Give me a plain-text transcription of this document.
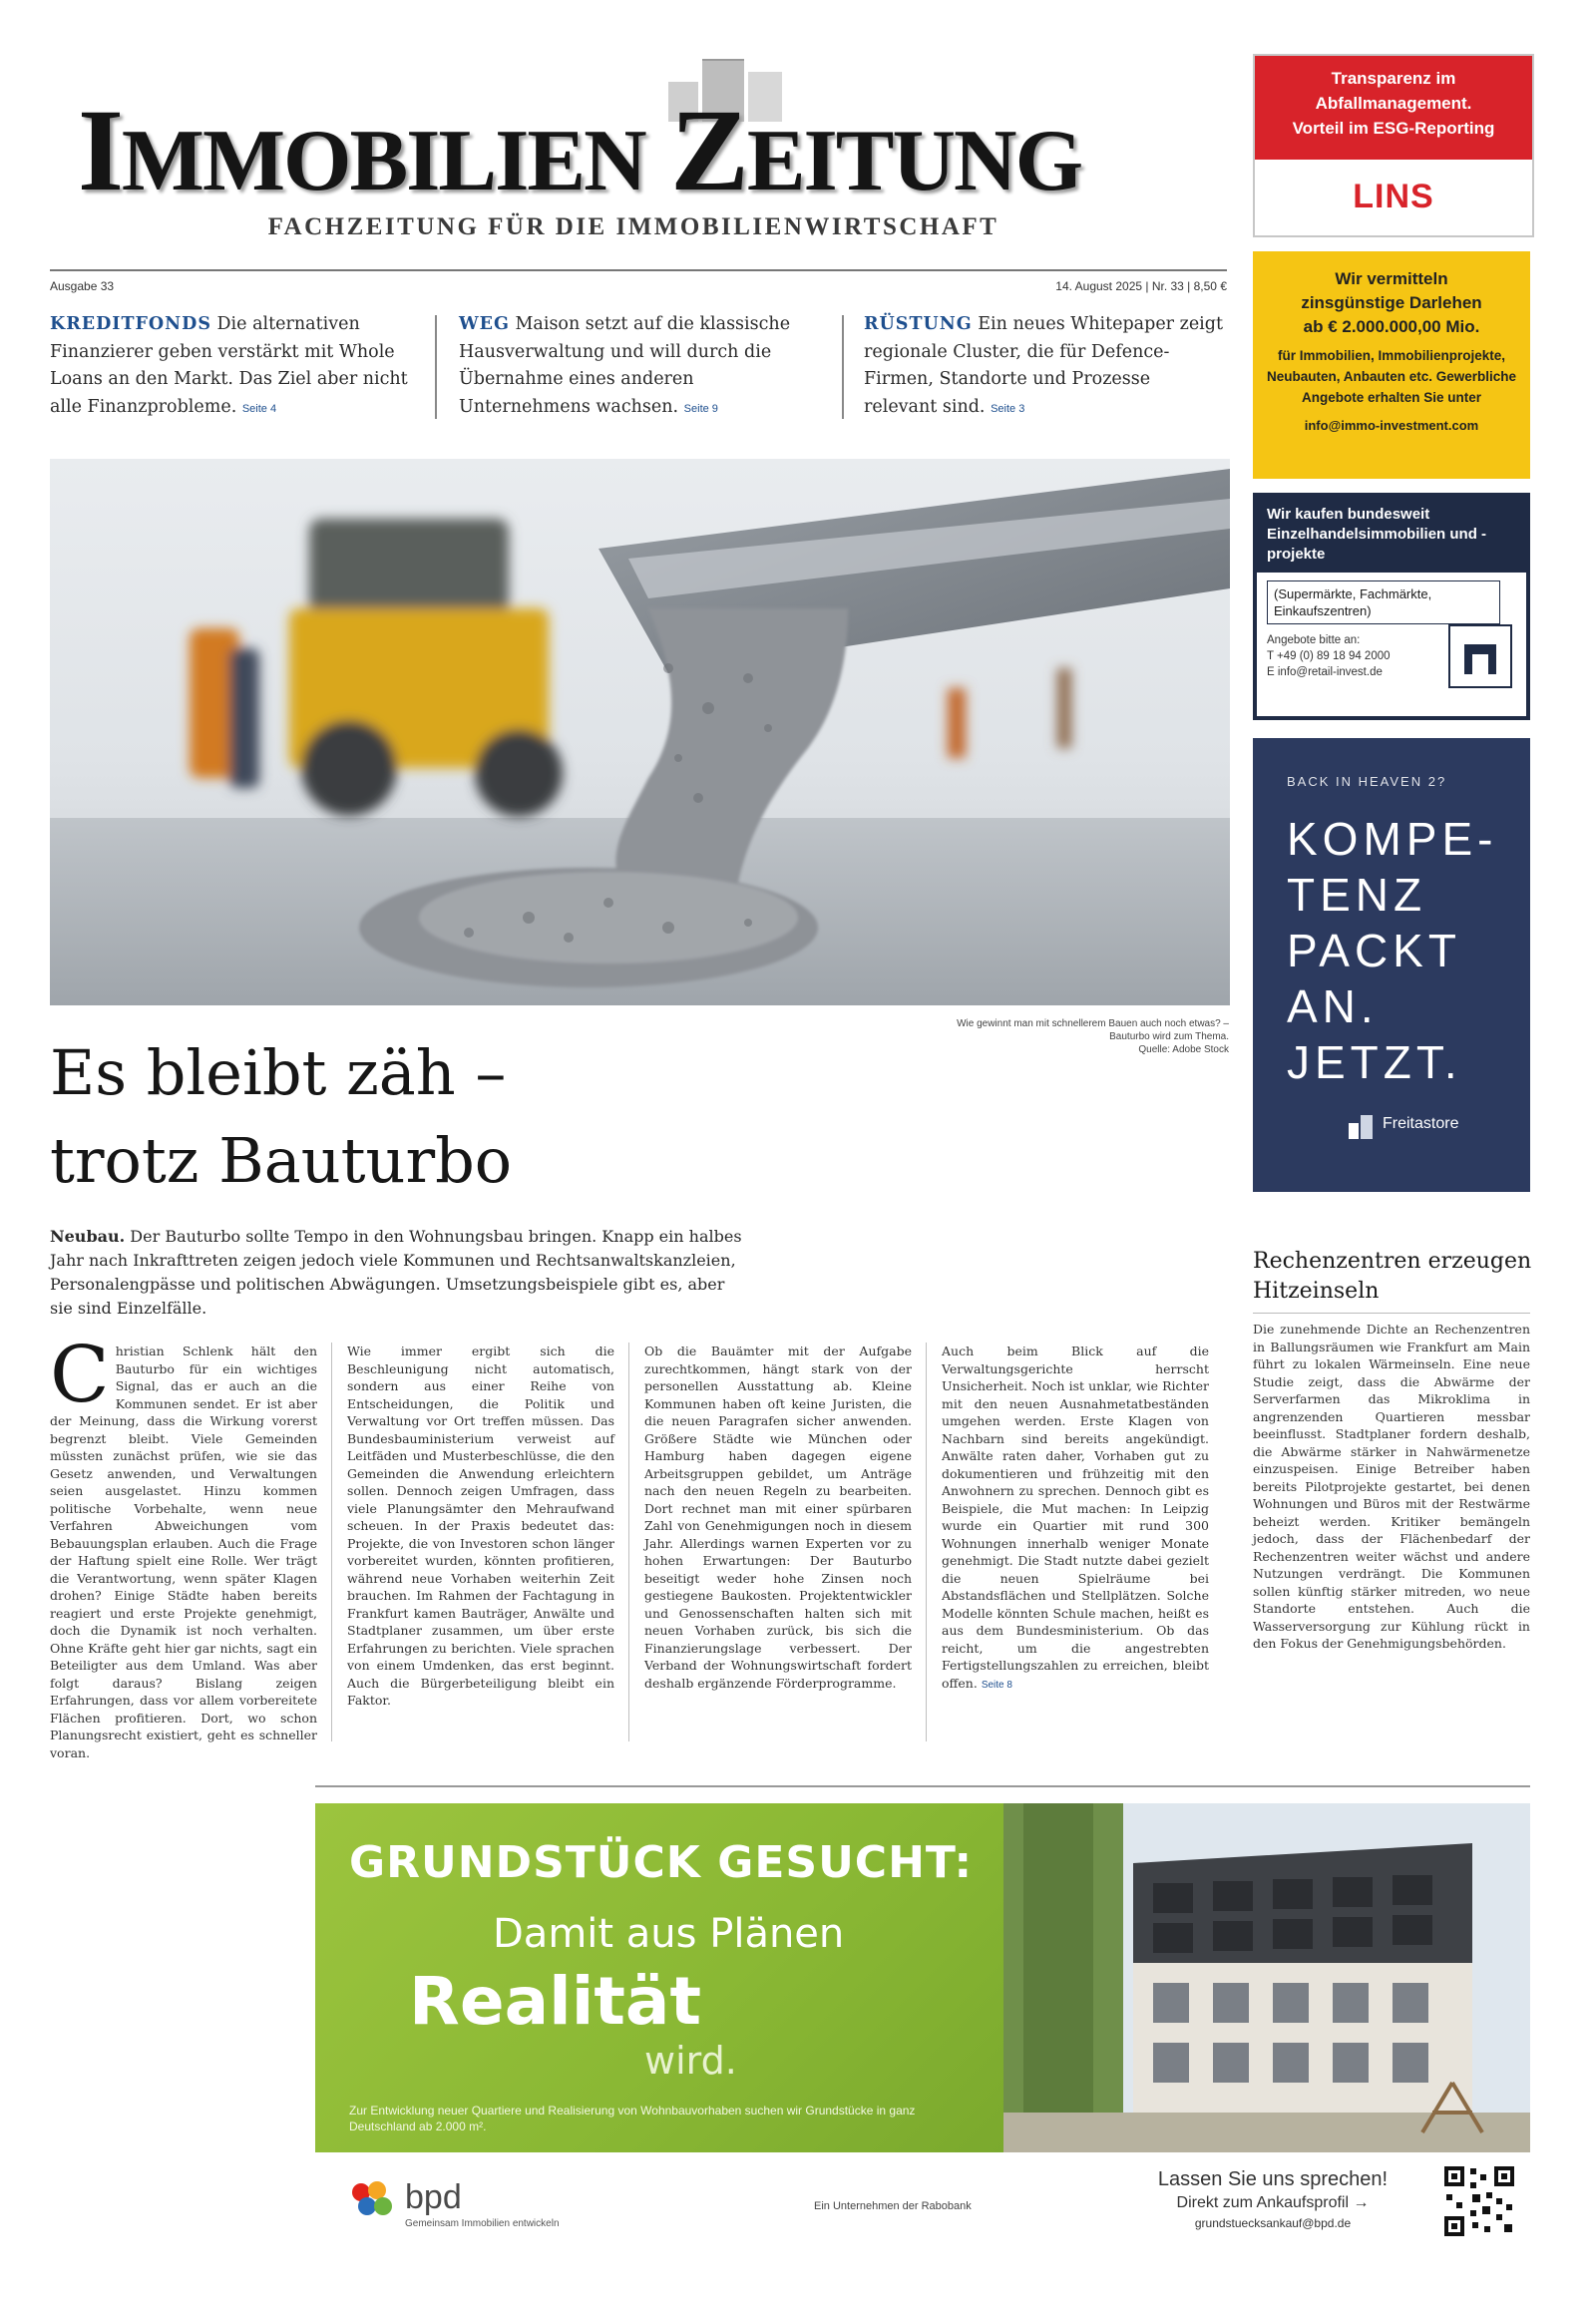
IMMOBILIEN ZEITUNG
FACHZEITUNG FÜR DIE IMMOBILIENWIRTSCHAFT
Ausgabe 33	14. August 2025 | Nr. 33 | 8,50 €
KREDITFONDS Die alternativen Finanzierer geben verstärkt mit Whole Loans an den Markt. Das Ziel aber nicht alle Finanzprobleme. Seite 4
WEG Maison setzt auf die klassische Hausverwaltung und will durch die Übernahme eines anderen Unternehmens wachsen. Seite 9
RÜSTUNG Ein neues Whitepaper zeigt regionale Cluster, die für Defence-Firmen, Standorte und Prozesse relevant sind. Seite 3
Wie gewinnt man mit schnellerem Bauen auch noch etwas? –
Bauturbo wird zum Thema.
Quelle: Adobe Stock
Es bleibt zäh –
trotz Bauturbo
Neubau. Der Bauturbo sollte Tempo in den Wohnungsbau bringen. Knapp ein halbes Jahr nach Inkrafttreten zeigen jedoch viele Kommunen und Rechtsanwaltskanzleien, Personalengpässe und politischen Abwägungen. Umsetzungsbeispiele gibt es, aber sie sind Einzelfälle.
Christian Schlenk hält den Bauturbo für ein wichtiges Signal, das er auch an die Kommunen sendet. Er ist aber der Meinung, dass die Wirkung vorerst begrenzt bleibt. Viele Gemeinden müssten zunächst prüfen, wie sie das Gesetz anwenden, und Verwaltungen seien ausgelastet. Hinzu kommen politische Vorbehalte, wenn neue Verfahren Abweichungen vom Bebauungsplan erlauben. Auch die Frage der Haftung spielt eine Rolle. Wer trägt die Verantwortung, wenn später Klagen drohen? Einige Städte haben bereits reagiert und erste Projekte genehmigt, doch die Dynamik ist noch verhalten. Ohne Kräfte geht hier gar nichts, sagt ein Beteiligter aus dem Umland. Was aber folgt daraus? Bislang zeigen Erfahrungen, dass vor allem vorbereitete Flächen profitieren. Dort, wo schon Planungsrecht existiert, geht es schneller voran.
Wie immer ergibt sich die Beschleunigung nicht automatisch, sondern aus einer Reihe von Entscheidungen, die Politik und Verwaltung vor Ort treffen müssen. Das Bundesbauministerium verweist auf Leitfäden und Musterbeschlüsse, die den Gemeinden die Anwendung erleichtern sollen. Dennoch zeigen Umfragen, dass viele Planungsämter den Mehraufwand scheuen. In der Praxis bedeutet das: Projekte, die von Investoren schon länger vorbereitet wurden, könnten profitieren, während neue Vorhaben weiterhin Zeit brauchen. Im Rahmen der Fachtagung in Frankfurt kamen Bauträger, Anwälte und Stadtplaner zusammen, um über erste Erfahrungen zu berichten. Viele sprachen von einem Umdenken, das erst beginnt. Auch die Bürgerbeteiligung bleibt ein Faktor.
Ob die Bauämter mit der Aufgabe zurechtkommen, hängt stark von der personellen Ausstattung ab. Kleine Kommunen haben oft keine Juristen, die die neuen Paragrafen sicher anwenden. Größere Städte wie München oder Hamburg haben dagegen eigene Arbeitsgruppen gebildet, um Anträge nach den neuen Regeln zu bearbeiten. Dort rechnet man mit einer spürbaren Zahl von Genehmigungen noch in diesem Jahr. Allerdings warnen Experten vor zu hohen Erwartungen: Der Bauturbo beseitigt weder hohe Zinsen noch gestiegene Baukosten. Projektentwickler und Genossenschaften halten sich mit neuen Vorhaben zurück, bis sich die Finanzierungslage verbessert. Der Verband der Wohnungswirtschaft fordert deshalb ergänzende Förderprogramme.
Auch beim Blick auf die Verwaltungsgerichte herrscht Unsicherheit. Noch ist unklar, wie Richter mit den neuen Ausnahmetatbeständen umgehen werden. Erste Klagen von Nachbarn sind bereits angekündigt. Anwälte raten daher, Vorhaben gut zu dokumentieren und frühzeitig mit den Anwohnern zu sprechen. Dennoch gibt es Beispiele, die Mut machen: In Leipzig wurde ein Quartier mit rund 300 Wohnungen innerhalb weniger Monate genehmigt. Die Stadt nutzte dabei gezielt die neuen Spielräume bei Abstandsflächen und Stellplätzen. Solche Modelle könnten Schule machen, heißt es aus dem Bundesministerium. Ob das reicht, um die angestrebten Fertigstellungszahlen zu erreichen, bleibt offen. Seite 8
Transparenz im
Abfallmanagement.
Vorteil im ESG-Reporting
LINS
Wir vermitteln
zinsgünstige Darlehen
ab € 2.000.000,00 Mio.
für Immobilien, Immobilienprojekte, Neubauten, Anbauten etc. Gewerbliche Angebote erhalten Sie unter
info@immo-investment.com
Wir kaufen bundesweit Einzelhandelsimmobilien und -projekte
(Supermärkte, Fachmärkte, Einkaufszentren)
Angebote bitte an:
T +49 (0) 89 18 94 2000
E info@retail-invest.de
BACK IN HEAVEN 2?
KOMPE-
TENZ
PACKT
AN.
JETZT.
Freitastore
Rechenzentren erzeugen Hitzeinseln
Die zunehmende Dichte an Rechenzentren in Ballungsräumen wie Frankfurt am Main führt zu lokalen Wärmeinseln. Eine neue Studie zeigt, dass die Abwärme der Serverfarmen das Mikroklima in angrenzenden Quartieren messbar beeinflusst. Stadtplaner fordern deshalb, die Abwärme stärker in Nahwärmenetze einzuspeisen. Einige Betreiber haben bereits Pilotprojekte gestartet, bei denen Wohnungen und Büros mit der Restwärme beheizt werden. Kritiker bemängeln jedoch, dass der Flächenbedarf der Rechenzentren weiter wächst und andere Nutzungen verdrängt. Die Kommunen sollen künftig stärker mitreden, wo neue Standorte entstehen. Auch die Wasserversorgung zur Kühlung rückt in den Fokus der Genehmigungsbehörden.
GRUNDSTÜCK GESUCHT:
Damit aus Plänen
Realität
wird.
Zur Entwicklung neuer Quartiere und Realisierung von Wohnbauvorhaben suchen wir Grundstücke in ganz Deutschland ab 2.000 m².
bpd
Gemeinsam Immobilien entwickeln
Ein Unternehmen der Rabobank
Lassen Sie uns sprechen!
Direkt zum Ankaufsprofil →
grundstuecksankauf@bpd.de
